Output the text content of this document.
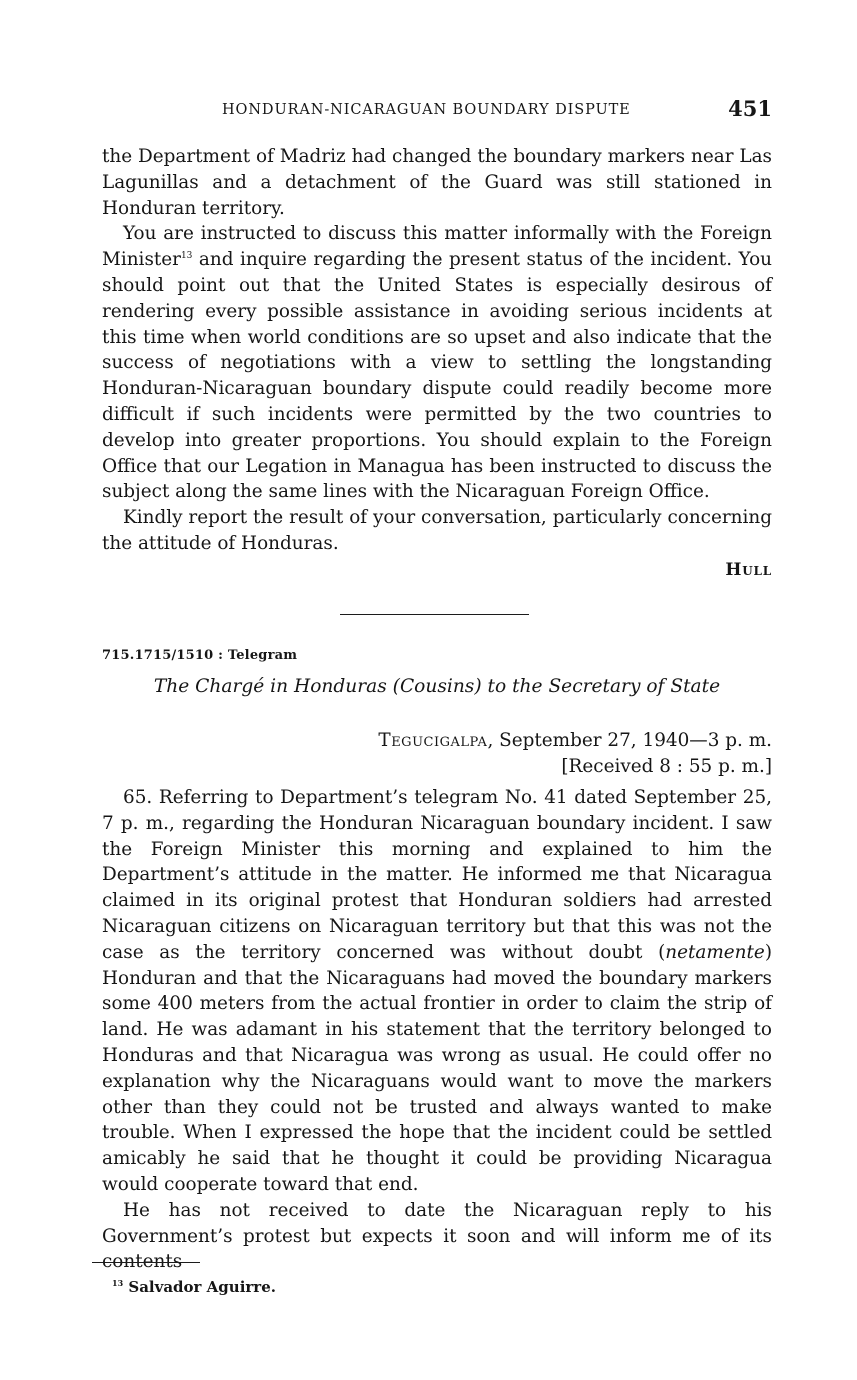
HONDURAN-NICARAGUAN BOUNDARY DISPUTE	451

the Department of Madriz had changed the boundary markers near Las Lagunillas and a detachment of the Guard was still stationed in Honduran territory.

You are instructed to discuss this matter informally with the Foreign Minister$^{13}$ and inquire regarding the present status of the incident. You should point out that the United States is especially desirous of rendering every possible assistance in avoiding serious incidents at this time when world conditions are so upset and also indicate that the success of negotiations with a view to settling the longstanding Honduran-Nicaraguan boundary dispute could readily become more difficult if such incidents were permitted by the two countries to develop into greater proportions. You should explain to the Foreign Office that our Legation in Managua has been instructed to discuss the subject along the same lines with the Nicaraguan Foreign Office.

Kindly report the result of your conversation, particularly concerning the attitude of Honduras.

Hull
715.1715/1510 : Telegram
The Chargé in Honduras (Cousins) to the Secretary of State
Tegucigalpa, September 27, 1940—3 p. m.
[Received 8 : 55 p. m.]

65. Referring to Department’s telegram No. 41 dated September 25, 7 p. m., regarding the Honduran Nicaraguan boundary incident. I saw the Foreign Minister this morning and explained to him the Department’s attitude in the matter. He informed me that Nicaragua claimed in its original protest that Honduran soldiers had arrested Nicaraguan citizens on Nicaraguan territory but that this was not the case as the territory concerned was without doubt (netamente) Honduran and that the Nicaraguans had moved the boundary markers some 400 meters from the actual frontier in order to claim the strip of land. He was adamant in his statement that the territory belonged to Honduras and that Nicaragua was wrong as usual. He could offer no explanation why the Nicaraguans would want to move the markers other than they could not be trusted and always wanted to make trouble. When I expressed the hope that the incident could be settled amicably he said that he thought it could be providing Nicaragua would cooperate toward that end.

He has not received to date the Nicaraguan reply to his Government’s protest but expects it soon and will inform me of its contents

$^{13}$ Salvador Aguirre.
